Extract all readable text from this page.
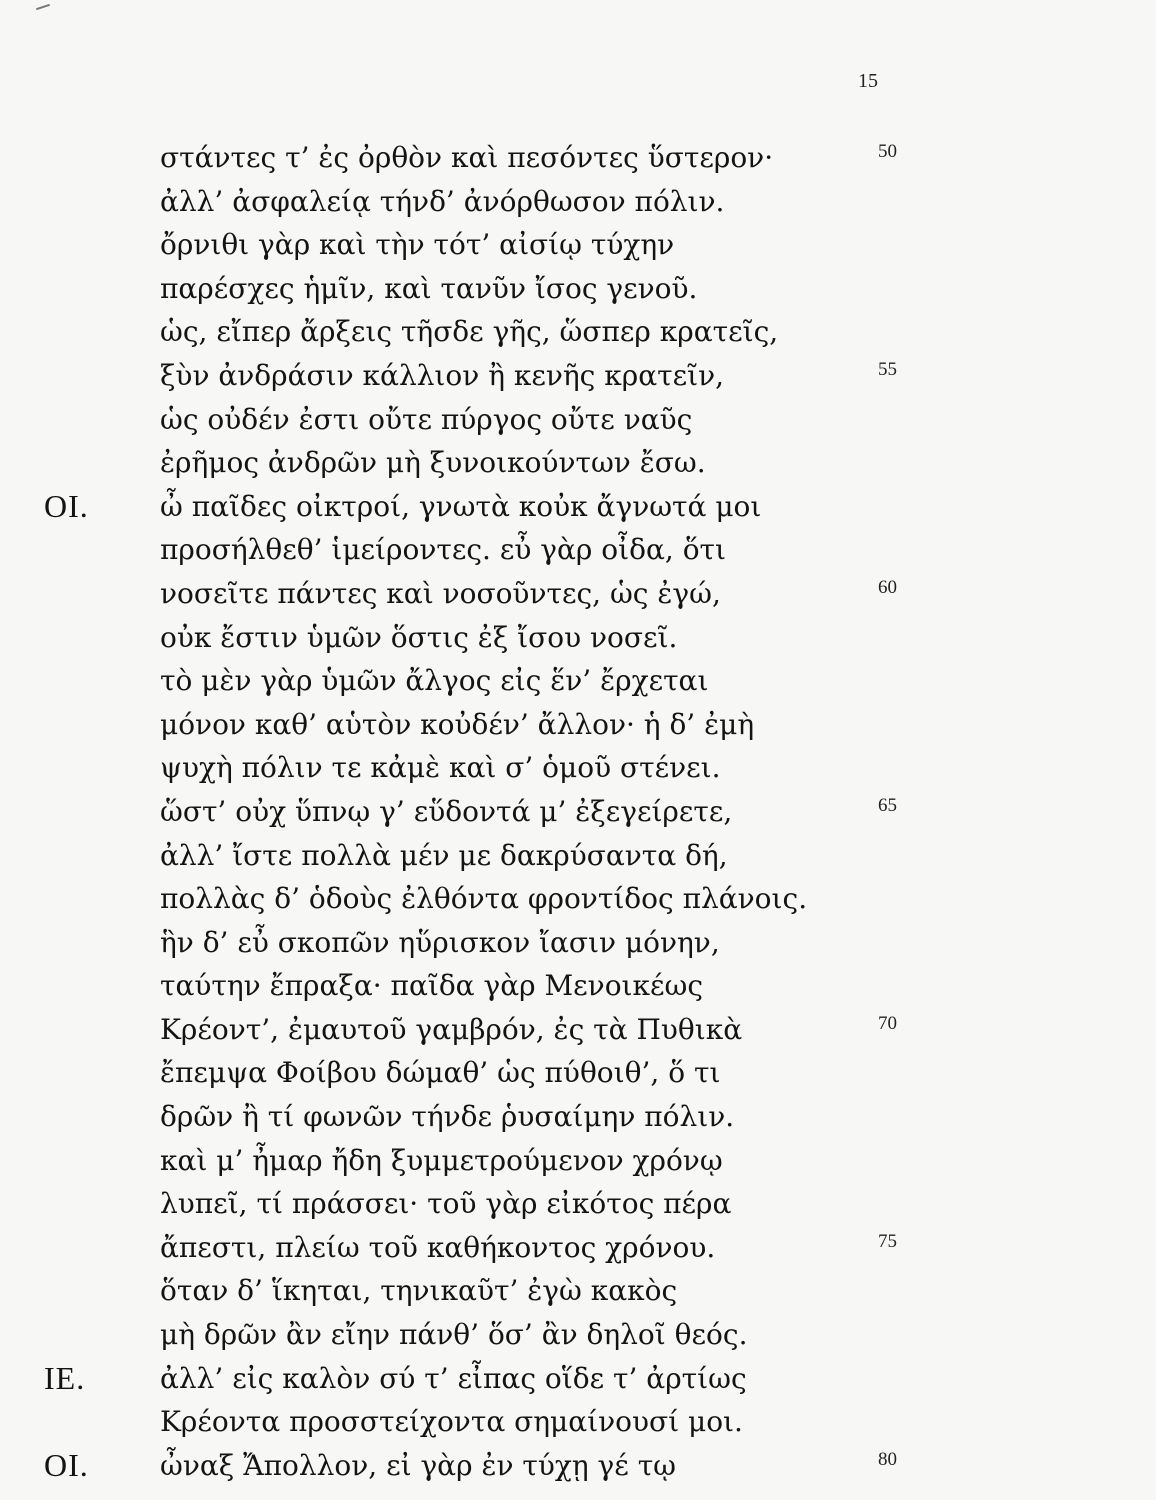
15
στάντες τ’ ἐς ὀρθὸν καὶ πεσόντες ὕστερον·	50
ἀλλ’ ἀσφαλείᾳ τήνδ’ ἀνόρθωσον πόλιν.
ὄρνιθι γὰρ καὶ τὴν τότ’ αἰσίῳ τύχην
παρέσχες ἡμῖν, καὶ τανῦν ἴσος γενοῦ.
ὡς, εἴπερ ἄρξεις τῆσδε γῆς, ὥσπερ κρατεῖς,
ξὺν ἀνδράσιν κάλλιον ἢ κενῆς κρατεῖν,	55
ὡς οὐδέν ἐστι οὔτε πύργος οὔτε ναῦς
ἐρῆμος ἀνδρῶν μὴ ξυνοικούντων ἔσω.
OI.	ὦ παῖδες οἰκτροί, γνωτὰ κοὐκ ἄγνωτά μοι
προσήλθεθ’ ἱμείροντες. εὖ γὰρ οἶδα, ὅτι
νοσεῖτε πάντες καὶ νοσοῦντες, ὡς ἐγώ,	60
οὐκ ἔστιν ὑμῶν ὅστις ἐξ ἴσου νοσεῖ.
τὸ μὲν γὰρ ὑμῶν ἄλγος εἰς ἕν’ ἔρχεται
μόνον καθ’ αὑτὸν κοὐδέν’ ἄλλον· ἡ δ’ ἐμὴ
ψυχὴ πόλιν τε κἀμὲ καὶ σ’ ὁμοῦ στένει.
ὥστ’ οὐχ ὕπνῳ γ’ εὕδοντά μ’ ἐξεγείρετε,	65
ἀλλ’ ἴστε πολλὰ μέν με δακρύσαντα δή,
πολλὰς δ’ ὁδοὺς ἐλθόντα φροντίδος πλάνοις.
ἣν δ’ εὖ σκοπῶν ηὕρισκον ἴασιν μόνην,
ταύτην ἔπραξα· παῖδα γὰρ Μενοικέως
Κρέοντ’, ἐμαυτοῦ γαμβρόν, ἐς τὰ Πυθικὰ	70
ἔπεμψα Φοίβου δώμαθ’ ὡς πύθοιθ’, ὅ τι
δρῶν ἢ τί φωνῶν τήνδε ῥυσαίμην πόλιν.
καὶ μ’ ἦμαρ ἤδη ξυμμετρούμενον χρόνῳ
λυπεῖ, τί πράσσει· τοῦ γὰρ εἰκότος πέρα
ἄπεστι, πλείω τοῦ καθήκοντος χρόνου.	75
ὅταν δ’ ἵκηται, τηνικαῦτ’ ἐγὼ κακὸς
μὴ δρῶν ἂν εἴην πάνθ’ ὅσ’ ἂν δηλοῖ θεός.
IE.	ἀλλ’ εἰς καλὸν σύ τ’ εἶπας οἵδε τ’ ἀρτίως
Κρέοντα προσστείχοντα σημαίνουσί μοι.
OI.	ὦναξ Ἄπολλον, εἰ γὰρ ἐν τύχῃ γέ τῳ	80
